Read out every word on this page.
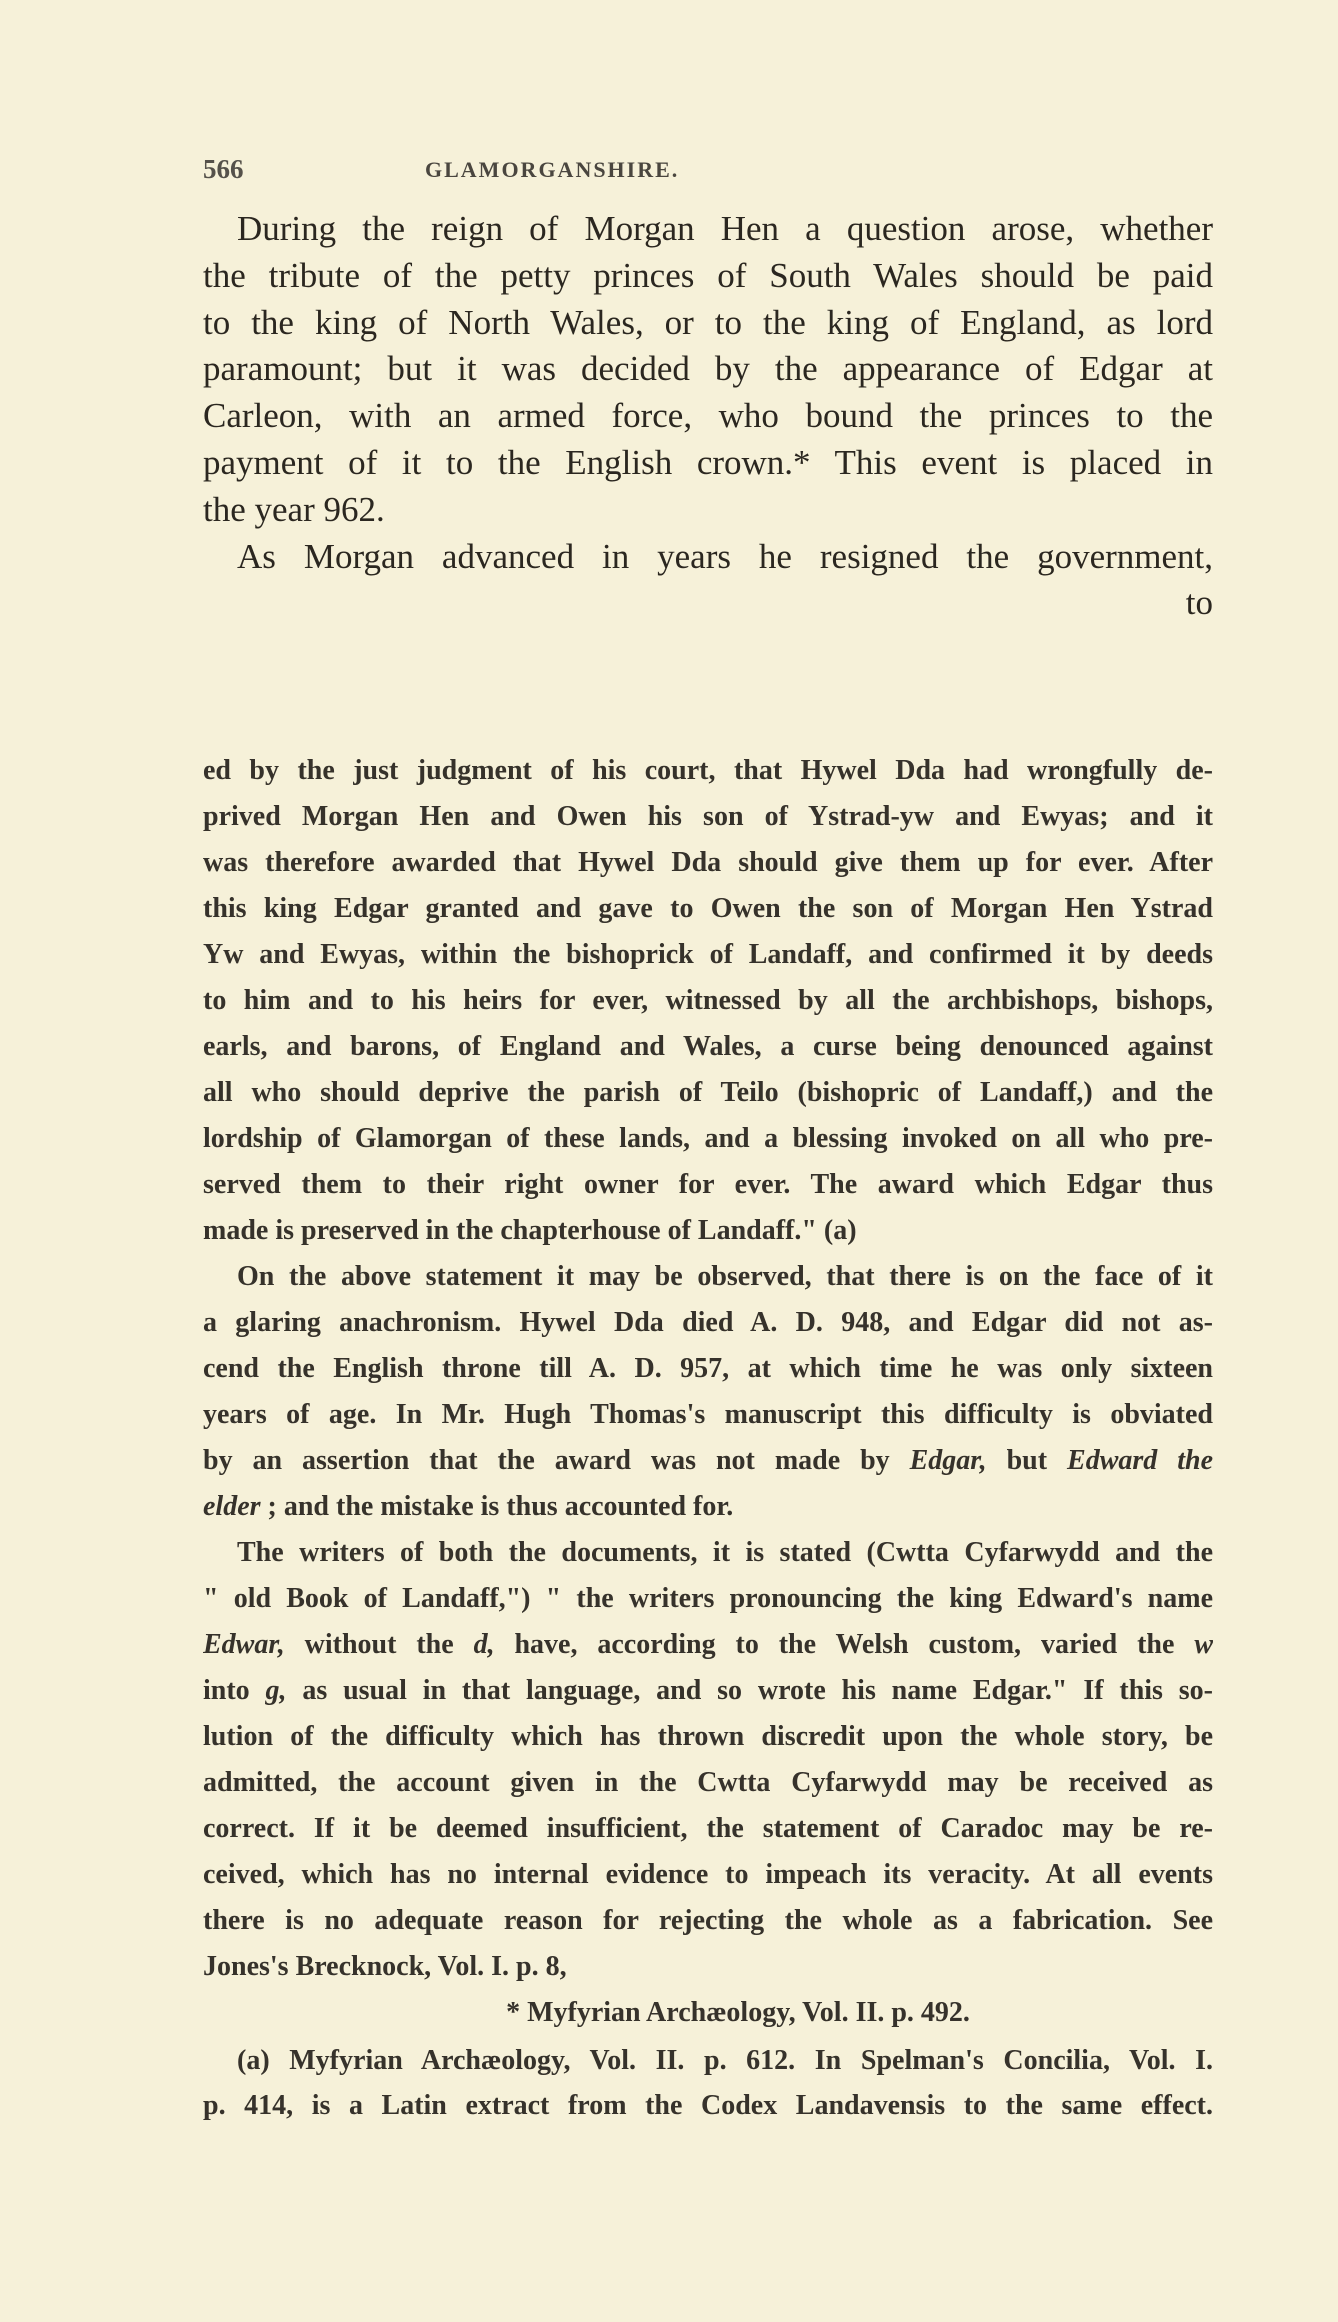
566	GLAMORGANSHIRE.
During the reign of Morgan Hen a question arose, whether
the tribute of the petty princes of South Wales should be paid
to the king of North Wales, or to the king of England, as lord
paramount; but it was decided by the appearance of Edgar at
Carleon, with an armed force, who bound the princes to the
payment of it to the English crown.* This event is placed in
the year 962.
As Morgan advanced in years he resigned the government,
to
ed by the just judgment of his court, that Hywel Dda had wrongfully de-
prived Morgan Hen and Owen his son of Ystrad-yw and Ewyas; and it
was therefore awarded that Hywel Dda should give them up for ever. After
this king Edgar granted and gave to Owen the son of Morgan Hen Ystrad
Yw and Ewyas, within the bishoprick of Landaff, and confirmed it by deeds
to him and to his heirs for ever, witnessed by all the archbishops, bishops,
earls, and barons, of England and Wales, a curse being denounced against
all who should deprive the parish of Teilo (bishopric of Landaff,) and the
lordship of Glamorgan of these lands, and a blessing invoked on all who pre-
served them to their right owner for ever. The award which Edgar thus
made is preserved in the chapterhouse of Landaff." (a)
On the above statement it may be observed, that there is on the face of it
a glaring anachronism. Hywel Dda died A. D. 948, and Edgar did not as-
cend the English throne till A. D. 957, at which time he was only sixteen
years of age. In Mr. Hugh Thomas's manuscript this difficulty is obviated
by an assertion that the award was not made by Edgar, but Edward the
elder ; and the mistake is thus accounted for.
The writers of both the documents, it is stated (Cwtta Cyfarwydd and the
" old Book of Landaff,") " the writers pronouncing the king Edward's name
Edwar, without the d, have, according to the Welsh custom, varied the w
into g, as usual in that language, and so wrote his name Edgar." If this so-
lution of the difficulty which has thrown discredit upon the whole story, be
admitted, the account given in the Cwtta Cyfarwydd may be received as
correct. If it be deemed insufficient, the statement of Caradoc may be re-
ceived, which has no internal evidence to impeach its veracity. At all events
there is no adequate reason for rejecting the whole as a fabrication. See
Jones's Brecknock, Vol. I. p. 8,
* Myfyrian Archæology, Vol. II. p. 492.
(a) Myfyrian Archæology, Vol. II. p. 612. In Spelman's Concilia, Vol. I.
p. 414, is a Latin extract from the Codex Landavensis to the same effect.
